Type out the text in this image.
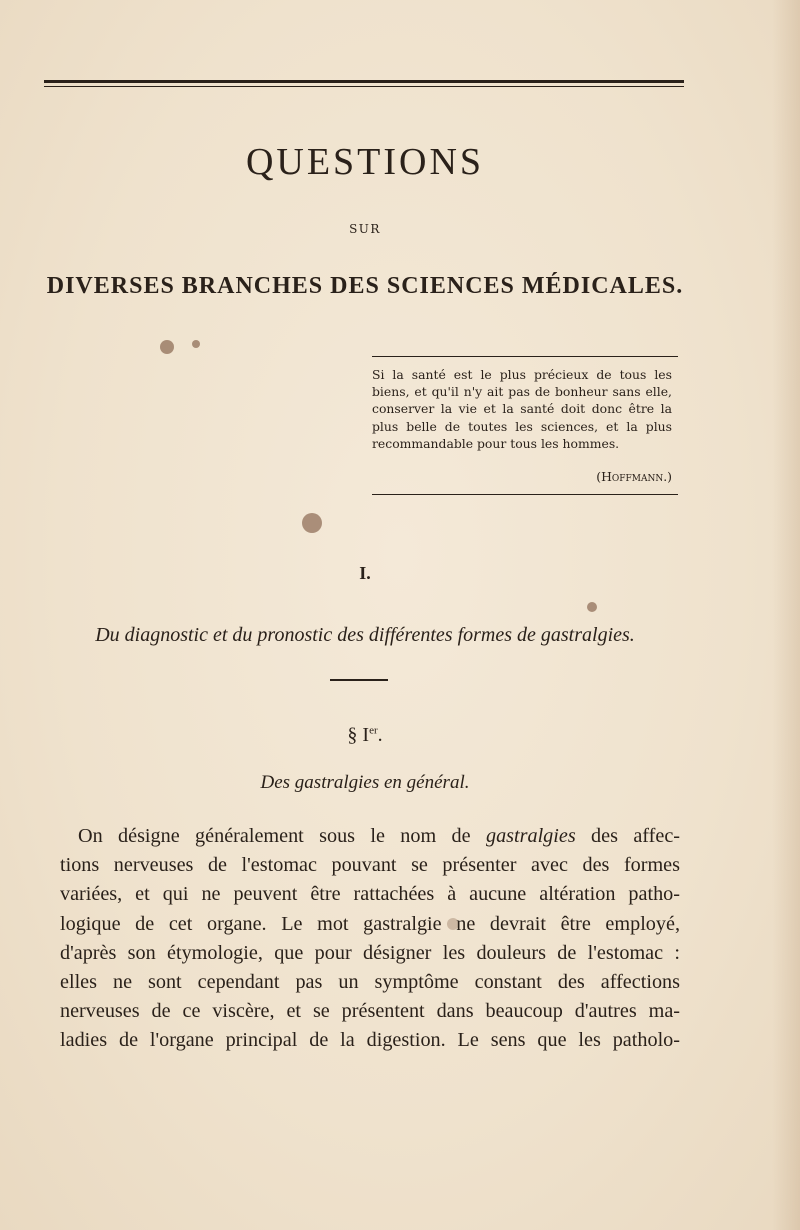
QUESTIONS
SUR
DIVERSES BRANCHES DES SCIENCES MÉDICALES.

Si la santé est le plus précieux de tous les biens, et qu'il n'y ait pas de bonheur sans elle, conserver la vie et la santé doit donc être la plus belle de toutes les sciences, et la plus recommandable pour tous les hommes.

(Hoffmann.)
I.
Du diagnostic et du pronostic des différentes formes de gastralgies.
§ Ier.
Des gastralgies en général.
On désigne généralement sous le nom de gastralgies des affec-
tions nerveuses de l'estomac pouvant se présenter avec des formes
variées, et qui ne peuvent être rattachées à aucune altération patho-
logique de cet organe. Le mot gastralgie ne devrait être employé,
d'après son étymologie, que pour désigner les douleurs de l'estomac :
elles ne sont cependant pas un symptôme constant des affections
nerveuses de ce viscère, et se présentent dans beaucoup d'autres ma-
ladies de l'organe principal de la digestion. Le sens que les patholo-
